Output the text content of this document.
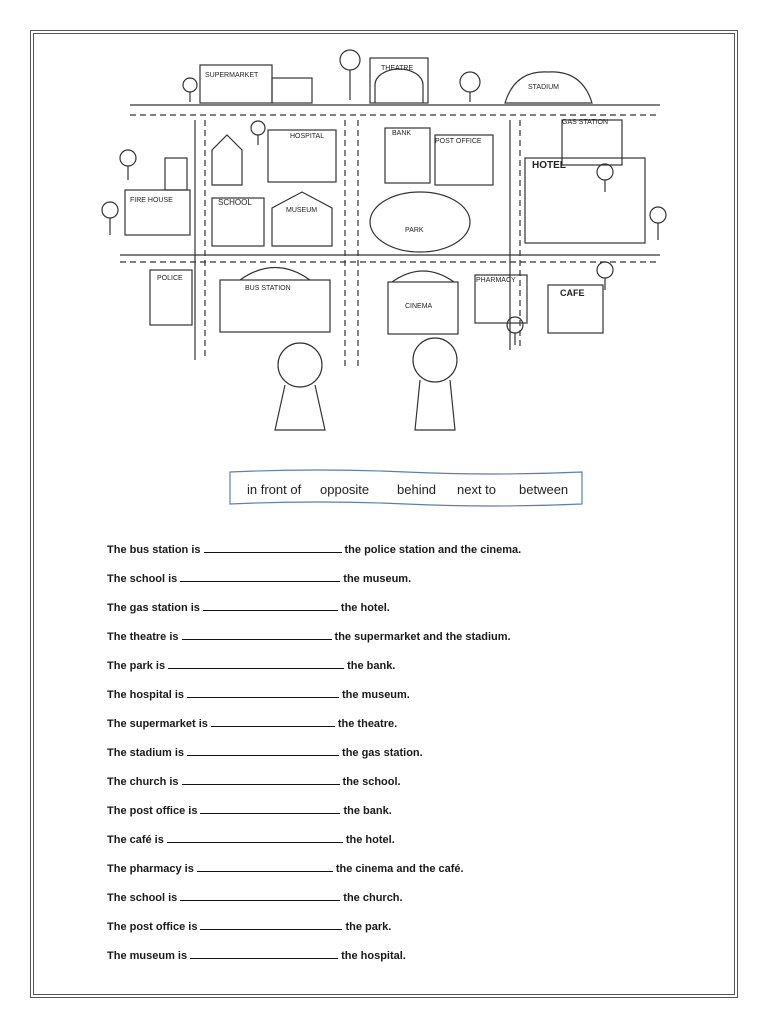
SUPERMARKET
THEATRE
STADIUM
GAS STATION
HOSPITAL	BANK
POST OFFICE
HOTEL
FIRE HOUSE	SCHOOL
MUSEUM
PARK
POLICE
BUS STATION
CINEMA
PHARMACY
CAFE
in front of opposite behind next to between
The bus station is	the police station and the cinema.
The school is	the museum.
The gas station is	the hotel.
The theatre is	the supermarket and the stadium.
The park is	the bank.
The hospital is	the museum.
The supermarket is	the theatre.
The stadium is	the gas station.
The church is	the school.
The post office is	the bank.
The café is	the hotel.
The pharmacy is	the cinema and the café.
The school is	the church.
The post office is	the park.
The museum is	the hospital.
